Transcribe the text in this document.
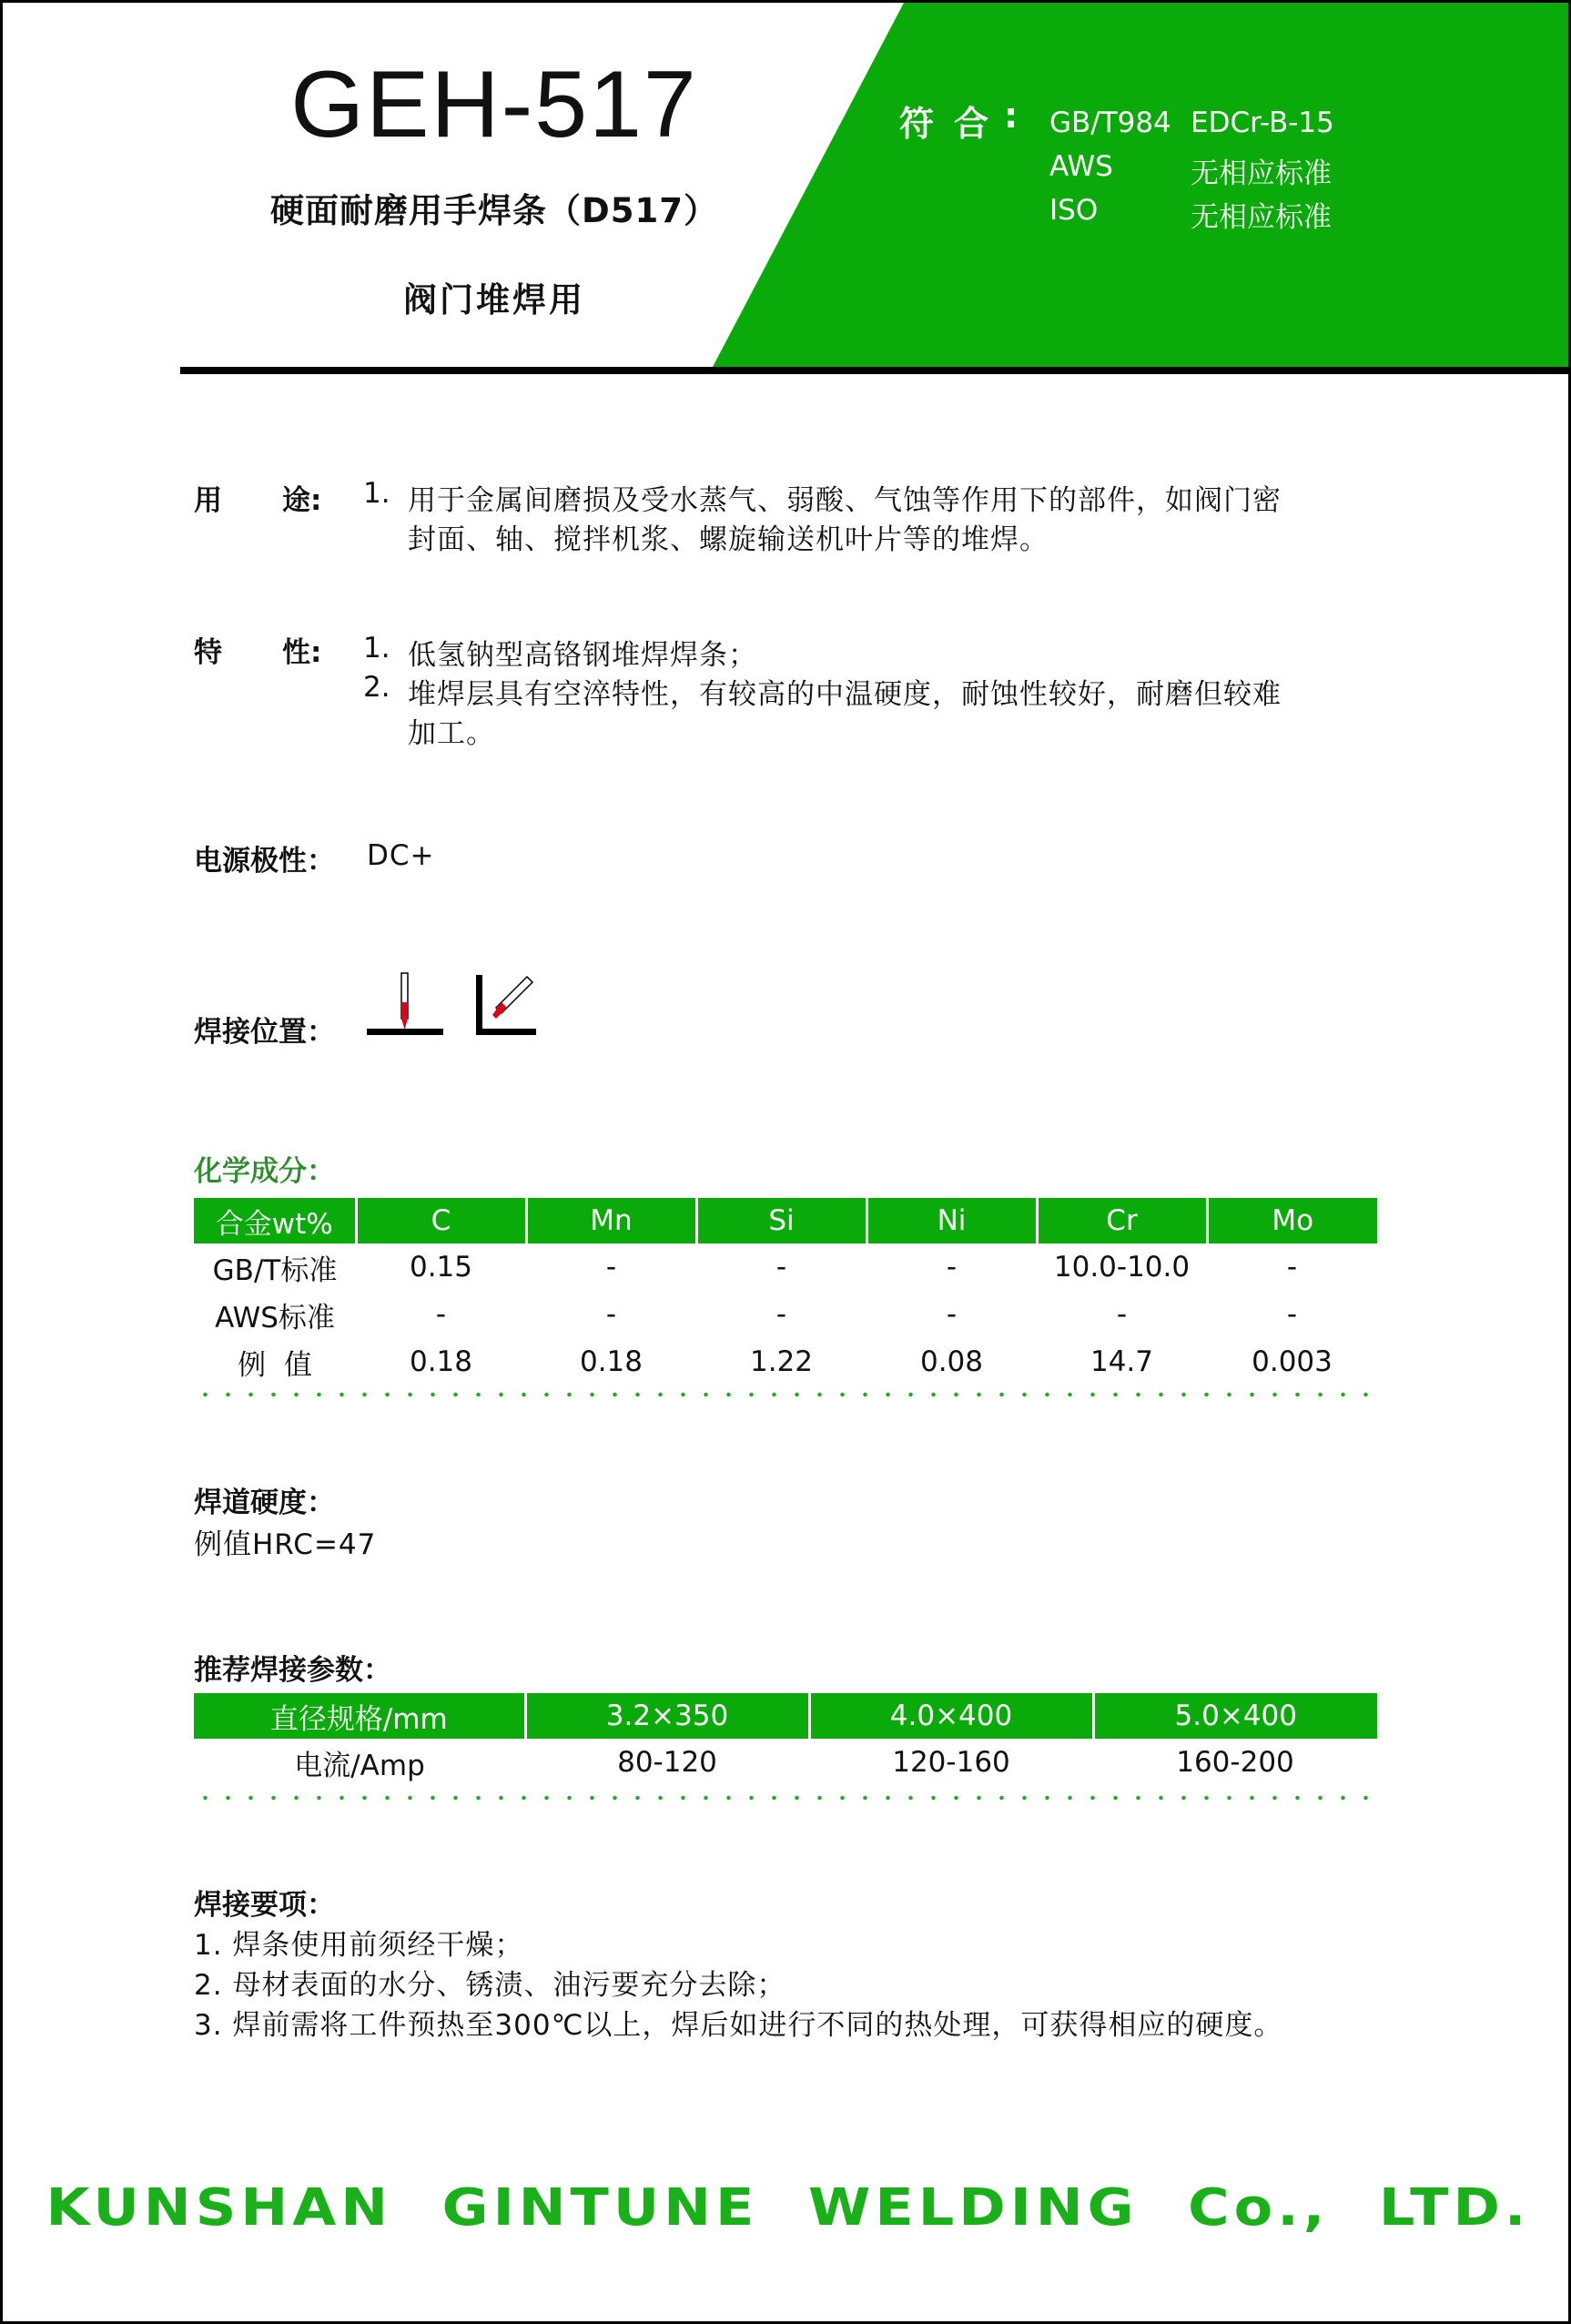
GEH-517
硬面耐磨用手焊条（D517）
阀门堆焊用
符合
: GB/T984 EDCr-B-15
AWS	无相应标准
ISO	无相应标准
用 途: 1. 用于金属间磨损及受水蒸气、弱酸、气蚀等作用下的部件，如阀门密
封面、轴、搅拌机浆、螺旋输送机叶片等的堆焊。
特 性: 1. 低氢钠型高铬钢堆焊焊条；
2. 堆焊层具有空淬特性，有较高的中温硬度，耐蚀性较好，耐磨但较难
加工。
电源极性： DC+
焊接位置：
化学成分：
合金wt%	C	Mn	Si	Ni	Cr	Mo
GB/T标准	0.15	-	-	-	10.0-10.0	-
AWS标准	-	-	-	-	-	-
例  值	0.18	0.18	1.22	0.08	14.7	0.003
焊道硬度：
例值HRC=47
推荐焊接参数：
直径规格/mm	3.2×350	4.0×400	5.0×400
电流/Amp	80-120	120-160	160-200
焊接要项：
1. 焊条使用前须经干燥；
2. 母材表面的水分、锈渍、油污要充分去除；
3. 焊前需将工件预热至300℃以上，焊后如进行不同的热处理，可获得相应的硬度。
KUNSHAN GINTUNE WELDING Co., LTD.
